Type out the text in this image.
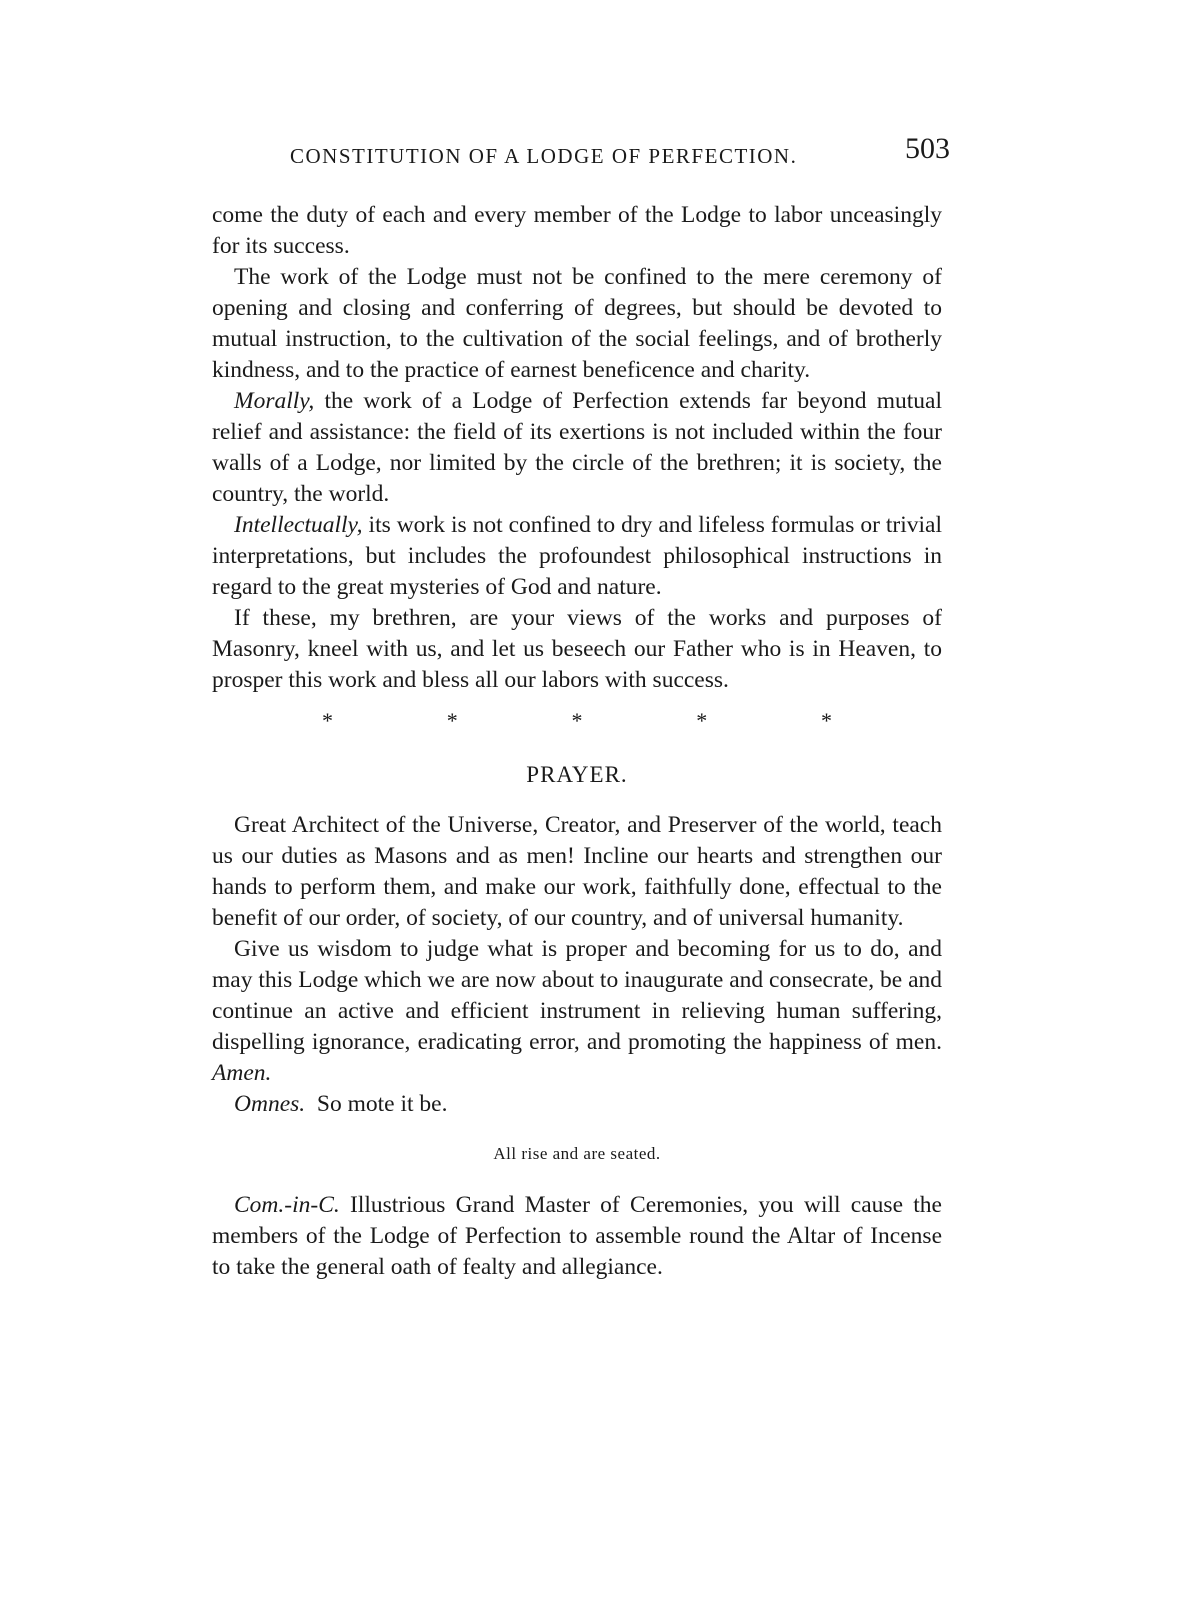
CONSTITUTION OF A LODGE OF PERFECTION.	503

come the duty of each and every member of the Lodge to labor unceasingly for its success.

The work of the Lodge must not be confined to the mere ceremony of opening and closing and conferring of degrees, but should be devoted to mutual instruction, to the cultivation of the social feelings, and of brotherly kindness, and to the practice of earnest beneficence and charity.

Morally, the work of a Lodge of Perfection extends far beyond mutual relief and assistance: the field of its exertions is not included within the four walls of a Lodge, nor limited by the circle of the brethren; it is society, the country, the world.

Intellectually, its work is not confined to dry and lifeless formulas or trivial interpretations, but includes the profoundest philosophical instructions in regard to the great mysteries of God and nature.

If these, my brethren, are your views of the works and purposes of Masonry, kneel with us, and let us beseech our Father who is in Heaven, to prosper this work and bless all our labors with success.

*	*	*	*	*
PRAYER.

Great Architect of the Universe, Creator, and Preserver of the world, teach us our duties as Masons and as men! Incline our hearts and strengthen our hands to perform them, and make our work, faithfully done, effectual to the benefit of our order, of society, of our country, and of universal humanity.

Give us wisdom to judge what is proper and becoming for us to do, and may this Lodge which we are now about to inaugurate and consecrate, be and continue an active and efficient instrument in relieving human suffering, dispelling ignorance, eradicating error, and promoting the happiness of men. Amen.

Omnes. So mote it be.

All rise and are seated.

Com.-in-C. Illustrious Grand Master of Ceremonies, you will cause the members of the Lodge of Perfection to assemble round the Altar of Incense to take the general oath of fealty and allegiance.
